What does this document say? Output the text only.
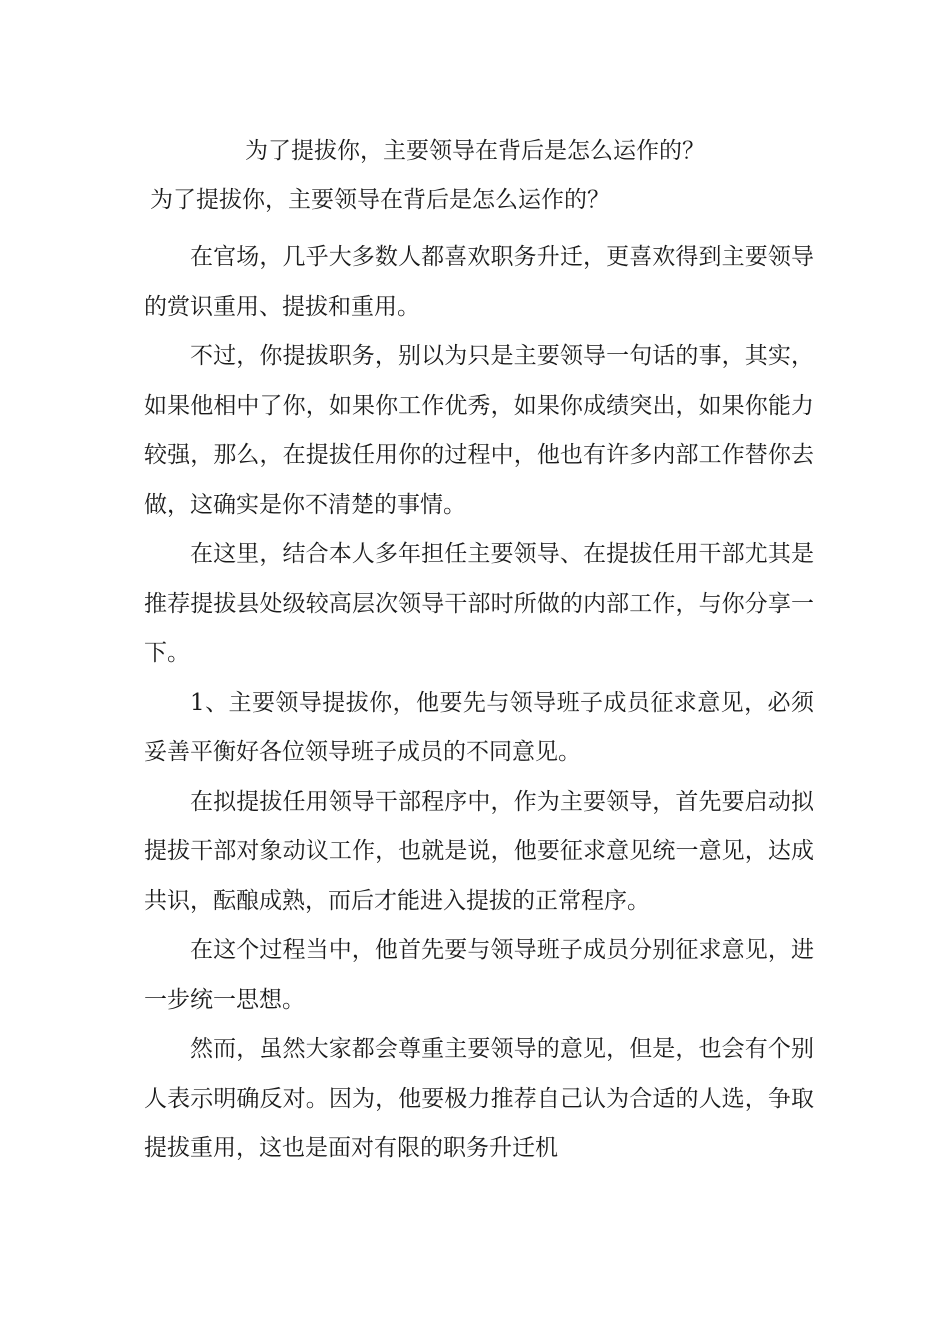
为了提拔你，主要领导在背后是怎么运作的？
为了提拔你，主要领导在背后是怎么运作的？

在官场，几乎大多数人都喜欢职务升迁，更喜欢得到主要领导的赏识重用、提拔和重用。

不过，你提拔职务，别以为只是主要领导一句话的事，其实，如果他相中了你，如果你工作优秀，如果你成绩突出，如果你能力较强，那么，在提拔任用你的过程中，他也有许多内部工作替你去做，这确实是你不清楚的事情。

在这里，结合本人多年担任主要领导、在提拔任用干部尤其是推荐提拔县处级较高层次领导干部时所做的内部工作，与你分享一下。

1、主要领导提拔你，他要先与领导班子成员征求意见，必须妥善平衡好各位领导班子成员的不同意见。

在拟提拔任用领导干部程序中，作为主要领导，首先要启动拟提拔干部对象动议工作，也就是说，他要征求意见统一意见，达成共识，酝酿成熟，而后才能进入提拔的正常程序。

在这个过程当中，他首先要与领导班子成员分别征求意见，进一步统一思想。

然而，虽然大家都会尊重主要领导的意见，但是，也会有个别人表示明确反对。因为，他要极力推荐自己认为合适的人选，争取提拔重用，这也是面对有限的职务升迁机
